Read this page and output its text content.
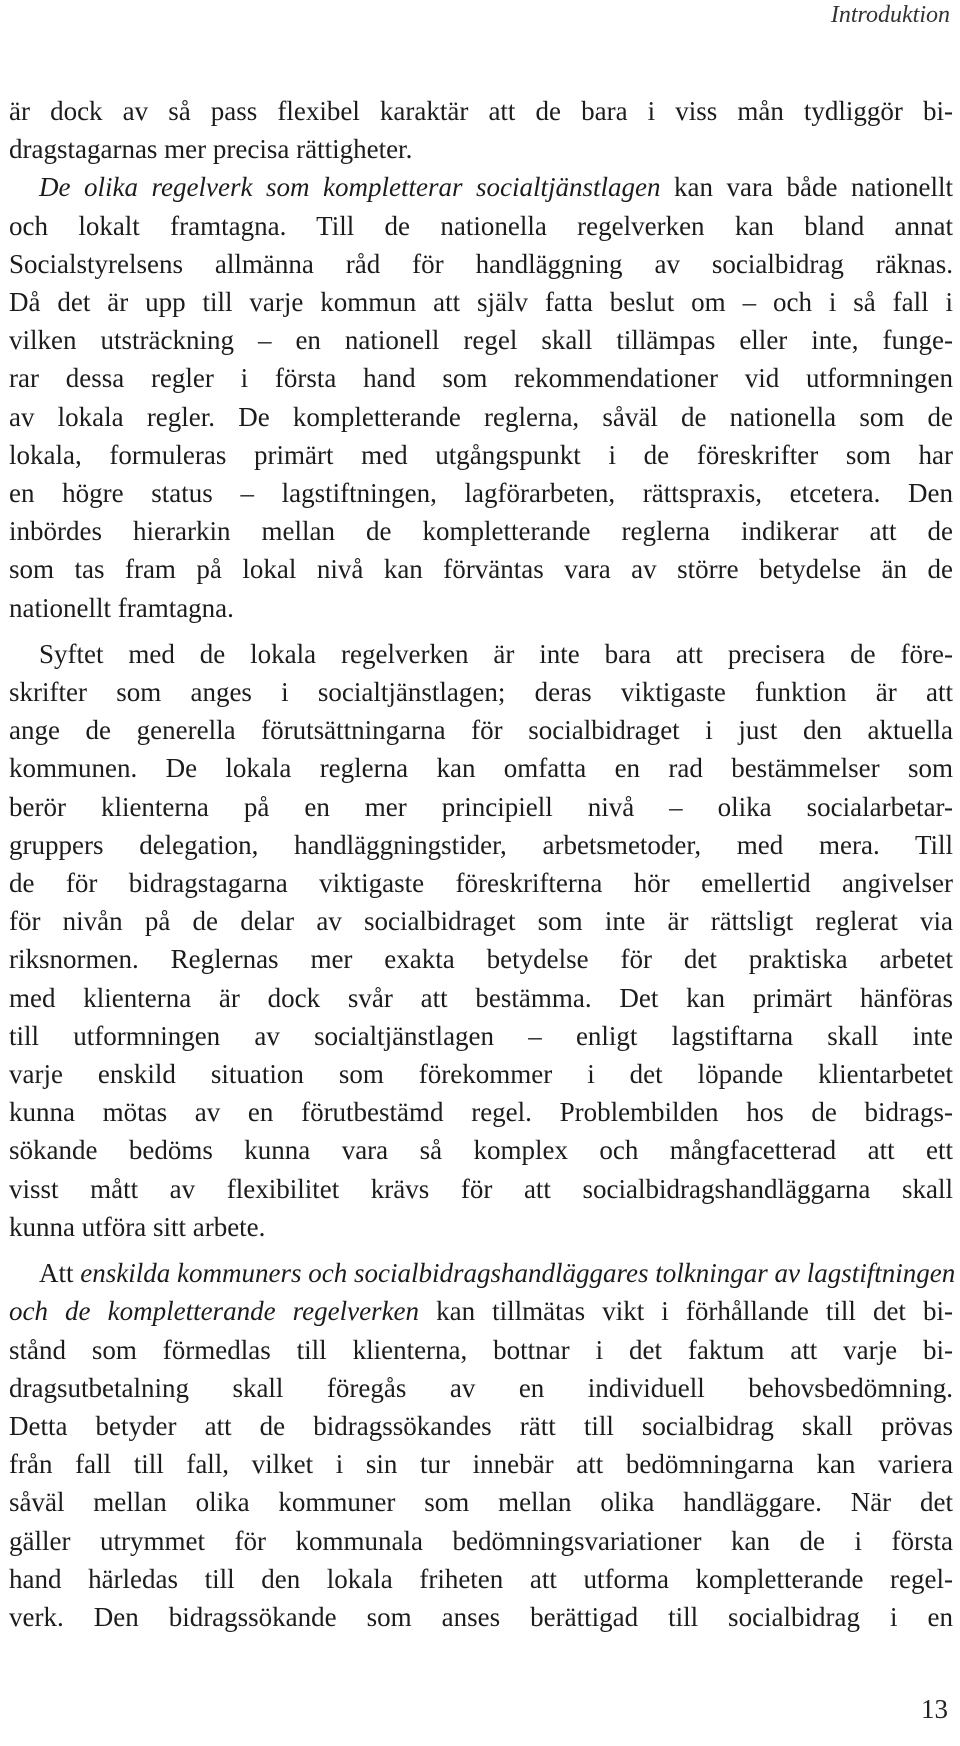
Introduktion
är dock av så pass flexibel karaktär att de bara i viss mån tydliggör bi-
dragstagarnas mer precisa rättigheter.
De olika regelverk som kompletterar socialtjänstlagen kan vara både nationellt
och lokalt framtagna. Till de nationella regelverken kan bland annat
Socialstyrelsens allmänna råd för handläggning av socialbidrag räknas.
Då det är upp till varje kommun att själv fatta beslut om – och i så fall i
vilken utsträckning – en nationell regel skall tillämpas eller inte, funge-
rar dessa regler i första hand som rekommendationer vid utformningen
av lokala regler. De kompletterande reglerna, såväl de nationella som de
lokala, formuleras primärt med utgångspunkt i de föreskrifter som har
en högre status – lagstiftningen, lagförarbeten, rättspraxis, etcetera. Den
inbördes hierarkin mellan de kompletterande reglerna indikerar att de
som tas fram på lokal nivå kan förväntas vara av större betydelse än de
nationellt framtagna.
Syftet med de lokala regelverken är inte bara att precisera de före-
skrifter som anges i socialtjänstlagen; deras viktigaste funktion är att
ange de generella förutsättningarna för socialbidraget i just den aktuella
kommunen. De lokala reglerna kan omfatta en rad bestämmelser som
berör klienterna på en mer principiell nivå – olika socialarbetar-
gruppers delegation, handläggningstider, arbetsmetoder, med mera. Till
de för bidragstagarna viktigaste föreskrifterna hör emellertid angivelser
för nivån på de delar av socialbidraget som inte är rättsligt reglerat via
riksnormen. Reglernas mer exakta betydelse för det praktiska arbetet
med klienterna är dock svår att bestämma. Det kan primärt hänföras
till utformningen av socialtjänstlagen – enligt lagstiftarna skall inte
varje enskild situation som förekommer i det löpande klientarbetet
kunna mötas av en förutbestämd regel. Problembilden hos de bidrags-
sökande bedöms kunna vara så komplex och mångfacetterad att ett
visst mått av flexibilitet krävs för att socialbidragshandläggarna skall
kunna utföra sitt arbete.
Att enskilda kommuners och socialbidragshandläggares tolkningar av lagstiftningen
och de kompletterande regelverken kan tillmätas vikt i förhållande till det bi-
stånd som förmedlas till klienterna, bottnar i det faktum att varje bi-
dragsutbetalning skall föregås av en individuell behovsbedömning.
Detta betyder att de bidragssökandes rätt till socialbidrag skall prövas
från fall till fall, vilket i sin tur innebär att bedömningarna kan variera
såväl mellan olika kommuner som mellan olika handläggare. När det
gäller utrymmet för kommunala bedömningsvariationer kan de i första
hand härledas till den lokala friheten att utforma kompletterande regel-
verk. Den bidragssökande som anses berättigad till socialbidrag i en
13
